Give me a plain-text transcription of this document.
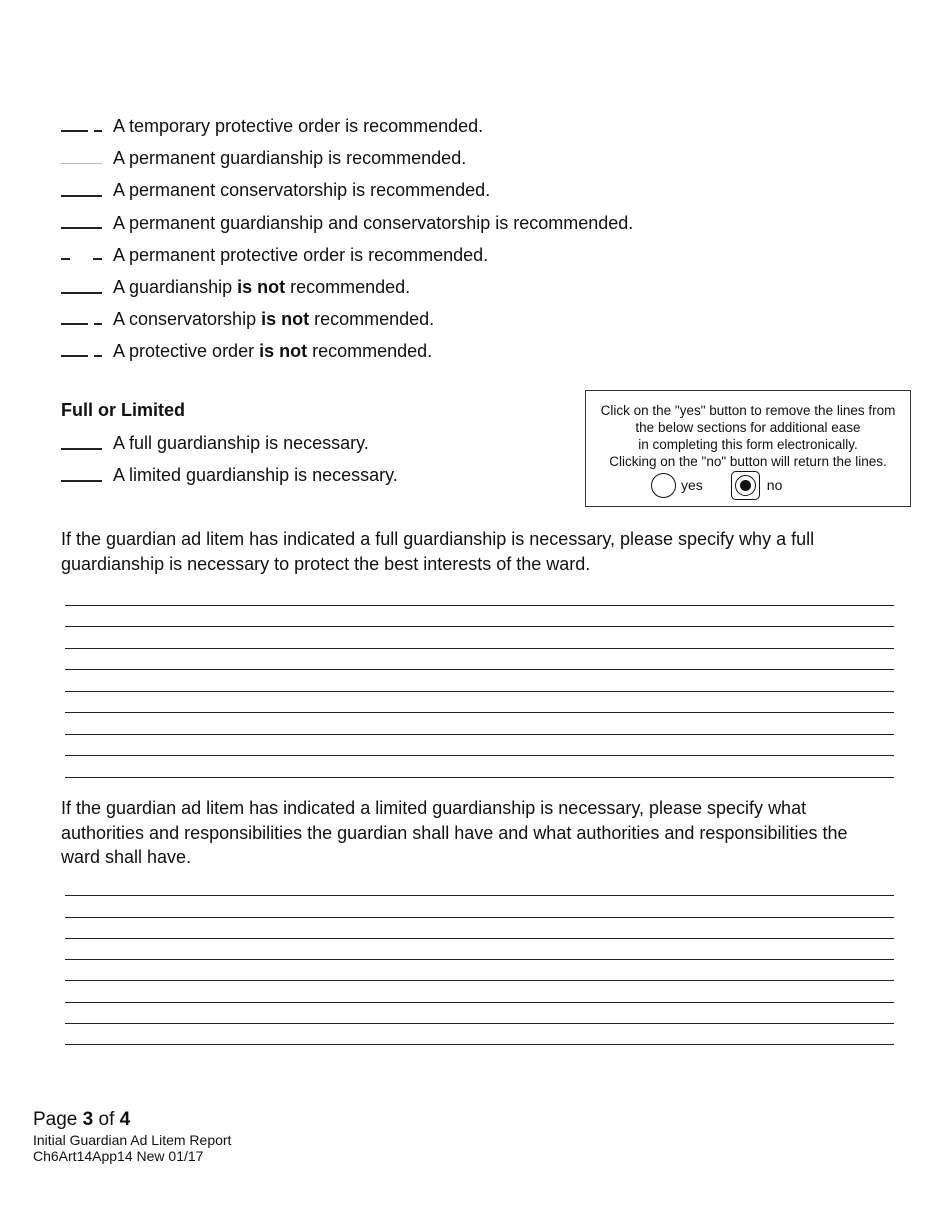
A temporary protective order is recommended.
A permanent guardianship is recommended.
A permanent conservatorship is recommended.
A permanent guardianship and conservatorship is recommended.
A permanent protective order is recommended.
A guardianship is not recommended.
A conservatorship is not recommended.
A protective order is not recommended.
Full or Limited
A full guardianship is necessary.
A limited guardianship is necessary.

Click on the "yes" button to remove the lines from

the below sections for additional ease

in completing this form electronically.

Clicking on the "no" button will return the lines.

yes	no

If the guardian ad litem has indicated a full guardianship is necessary, please specify why a full guardianship is necessary to protect the best interests of the ward.

If the guardian ad litem has indicated a limited guardianship is necessary, please specify what authorities and responsibilities the guardian shall have and what authorities and responsibilities the ward shall have.

Page 3 of 4
Initial Guardian Ad Litem Report
Ch6Art14App14 New 01/17
